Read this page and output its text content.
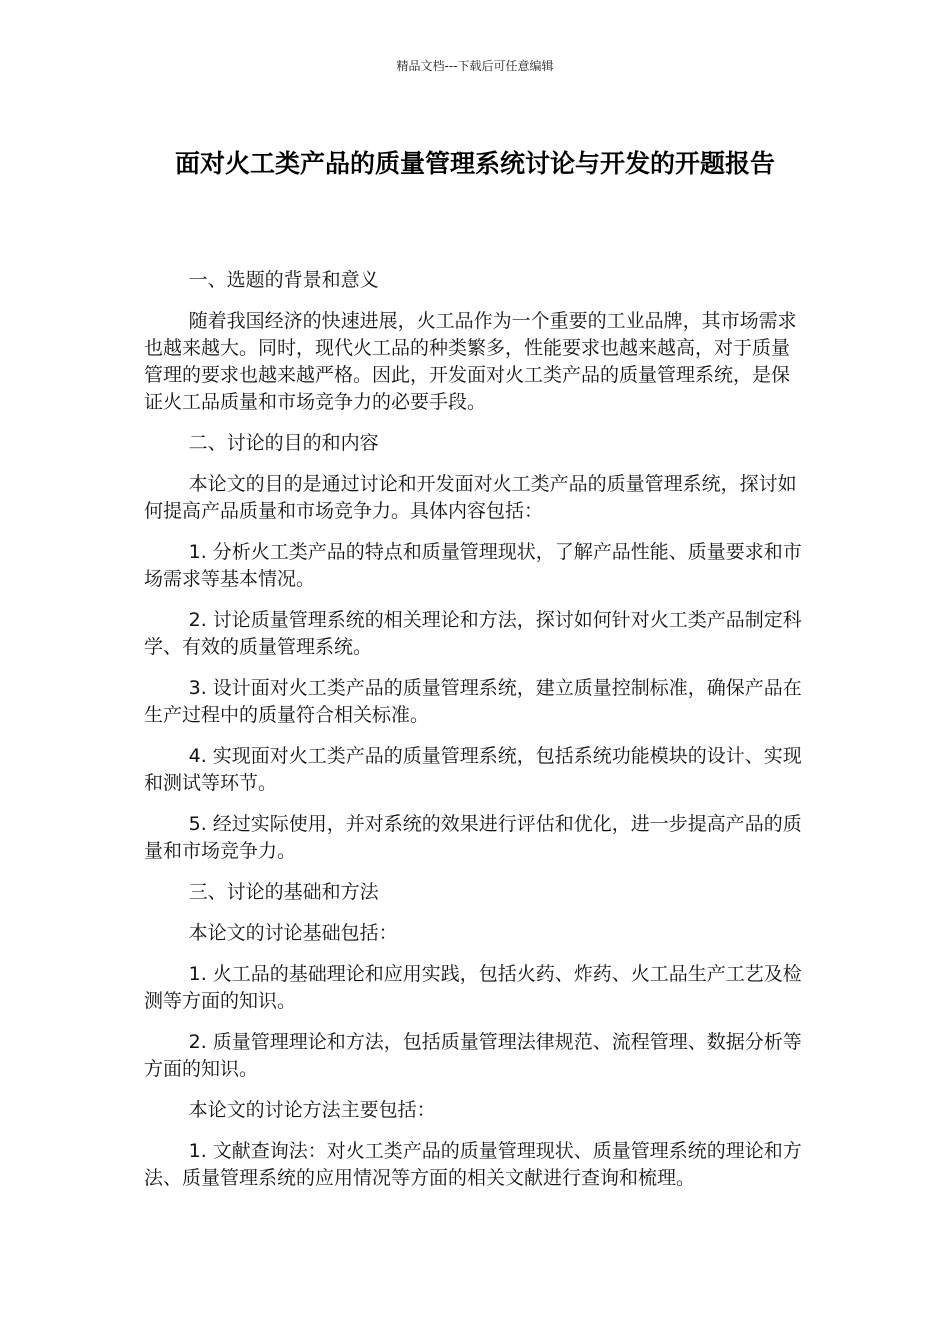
精品文档---下载后可任意编辑
面对火工类产品的质量管理系统讨论与开发的开题报告

一、选题的背景和意义

随着我国经济的快速进展，火工品作为一个重要的工业品牌，其市场需求也越来越大。同时，现代火工品的种类繁多，性能要求也越来越高，对于质量管理的要求也越来越严格。因此，开发面对火工类产品的质量管理系统，是保证火工品质量和市场竞争力的必要手段。

二、讨论的目的和内容

本论文的目的是通过讨论和开发面对火工类产品的质量管理系统，探讨如何提高产品质量和市场竞争力。具体内容包括：

1. 分析火工类产品的特点和质量管理现状，了解产品性能、质量要求和市场需求等基本情况。

2. 讨论质量管理系统的相关理论和方法，探讨如何针对火工类产品制定科学、有效的质量管理系统。

3. 设计面对火工类产品的质量管理系统，建立质量控制标准，确保产品在生产过程中的质量符合相关标准。

4. 实现面对火工类产品的质量管理系统，包括系统功能模块的设计、实现和测试等环节。

5. 经过实际使用，并对系统的效果进行评估和优化，进一步提高产品的质量和市场竞争力。

三、讨论的基础和方法

本论文的讨论基础包括：

1. 火工品的基础理论和应用实践，包括火药、炸药、火工品生产工艺及检测等方面的知识。

2. 质量管理理论和方法，包括质量管理法律规范、流程管理、数据分析等方面的知识。

本论文的讨论方法主要包括：

1. 文献查询法：对火工类产品的质量管理现状、质量管理系统的理论和方法、质量管理系统的应用情况等方面的相关文献进行查询和梳理。
